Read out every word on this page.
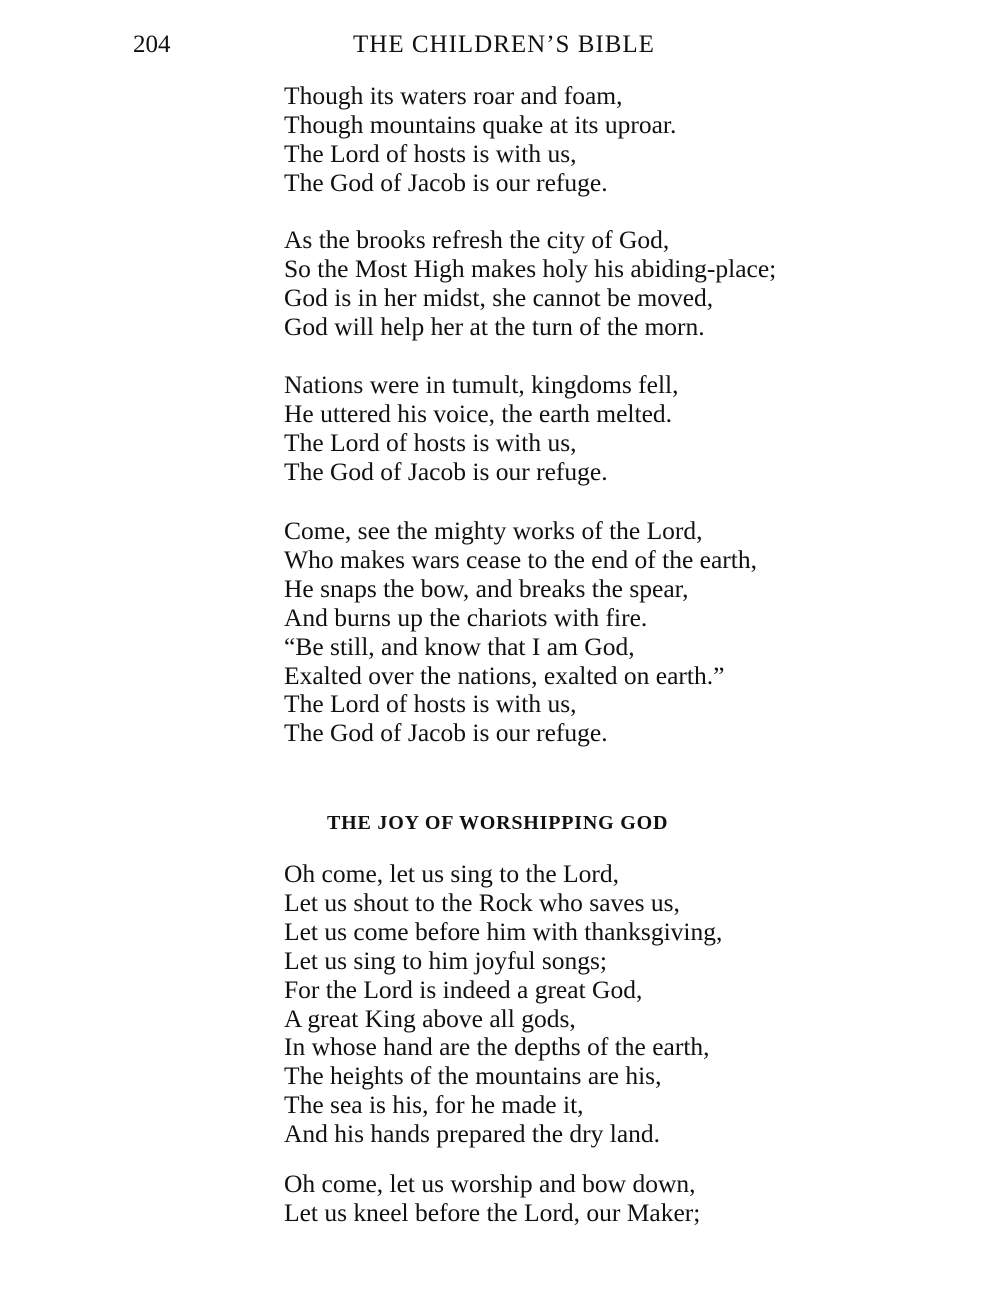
204	THE CHILDREN’S BIBLE
Though its waters roar and foam,
Though mountains quake at its uproar.
The Lord of hosts is with us,
The God of Jacob is our refuge.
As the brooks refresh the city of God,
So the Most High makes holy his abiding-place;
God is in her midst, she cannot be moved,
God will help her at the turn of the morn.
Nations were in tumult, kingdoms fell,
He uttered his voice, the earth melted.
The Lord of hosts is with us,
The God of Jacob is our refuge.
Come, see the mighty works of the Lord,
Who makes wars cease to the end of the earth,
He snaps the bow, and breaks the spear,
And burns up the chariots with fire.
“Be still, and know that I am God,
Exalted over the nations, exalted on earth.”
The Lord of hosts is with us,
The God of Jacob is our refuge.
THE JOY OF WORSHIPPING GOD
Oh come, let us sing to the Lord,
Let us shout to the Rock who saves us,
Let us come before him with thanksgiving,
Let us sing to him joyful songs;
For the Lord is indeed a great God,
A great King above all gods,
In whose hand are the depths of the earth,
The heights of the mountains are his,
The sea is his, for he made it,
And his hands prepared the dry land.
Oh come, let us worship and bow down,
Let us kneel before the Lord, our Maker;
